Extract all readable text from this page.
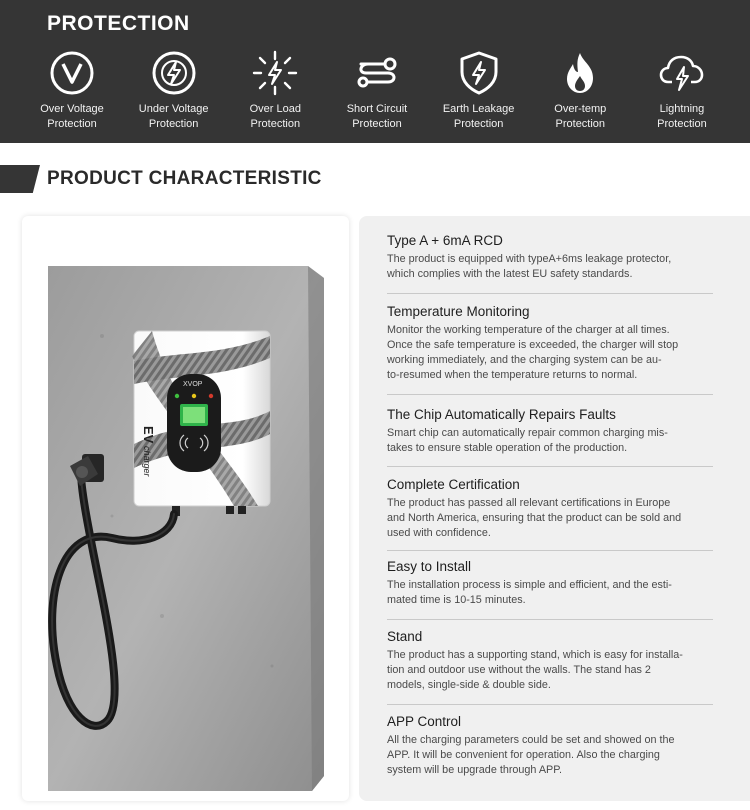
PROTECTION
Over Voltage
Protection
Under Voltage
Protection
Over Load
Protection
Short Circuit
Protection
Earth Leakage
Protection
Over-temp
Protection
Lightning
Protection
PRODUCT CHARACTERISTIC
XVOP
EV
charger
Type A + 6mA RCD

The product is equipped with typeA+6ms leakage protector,
which complies with the latest EU safety standards.

Temperature Monitoring

Monitor the working temperature of the charger at all times.
Once the safe temperature is exceeded, the charger will stop
working immediately, and the charging system can be au-
to-resumed when the temperature returns to normal.

The Chip Automatically Repairs Faults

Smart chip can automatically repair common charging mis-
takes to ensure stable operation of the production.

Complete Certification

The product has passed all relevant certifications in Europe
and North America, ensuring that the product can be sold and
used with confidence.

Easy to Install

The installation process is simple and efficient, and the esti-
mated time is 10-15 minutes.

Stand

The product has a supporting stand, which is easy for installa-
tion and outdoor use without the walls. The stand has 2
models, single-side & double side.

APP Control

All the charging parameters could be set and showed on the
APP. It will be convenient for operation. Also the charging
system will be upgrade through APP.
